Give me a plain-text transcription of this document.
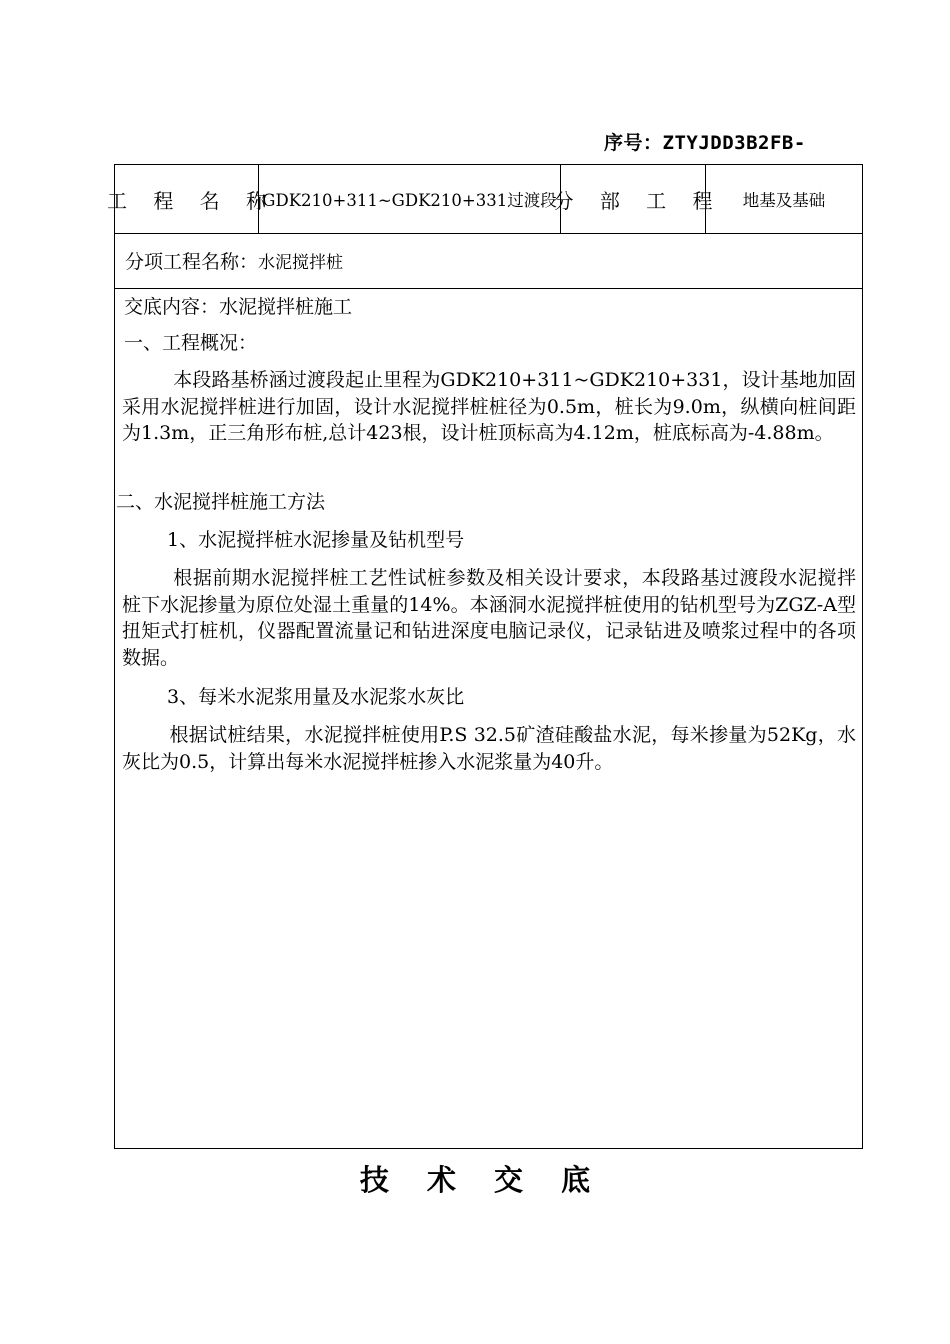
序号：ZTYJDD3B2FB-
工 程 名 称
GDK210+311~GDK210+331过渡段
分 部 工 程	地基及基础
分项工程名称： 水泥搅拌桩
交底内容：水泥搅拌桩施工
一、工程概况：
本段路基桥涵过渡段起止里程为GDK210+311~GDK210+331，设计基地加固采用水泥搅拌桩进行加固，设计水泥搅拌桩桩径为0.5m，桩长为9.0m，纵横向桩间距为1.3m，正三角形布桩,总计423根，设计桩顶标高为4.12m，桩底标高为-4.88m。
二、水泥搅拌桩施工方法
1、水泥搅拌桩水泥掺量及钻机型号
根据前期水泥搅拌桩工艺性试桩参数及相关设计要求，本段路基过渡段水泥搅拌桩下水泥掺量为原位处湿土重量的14%。本涵洞水泥搅拌桩使用的钻机型号为ZGZ-A型扭矩式打桩机，仪器配置流量记和钻进深度电脑记录仪，记录钻进及喷浆过程中的各项数据。
3、每米水泥浆用量及水泥浆水灰比
根据试桩结果，水泥搅拌桩使用P.S 32.5矿渣硅酸盐水泥，每米掺量为52Kg，水灰比为0.5，计算出每米水泥搅拌桩掺入水泥浆量为40升。
技 术 交 底
